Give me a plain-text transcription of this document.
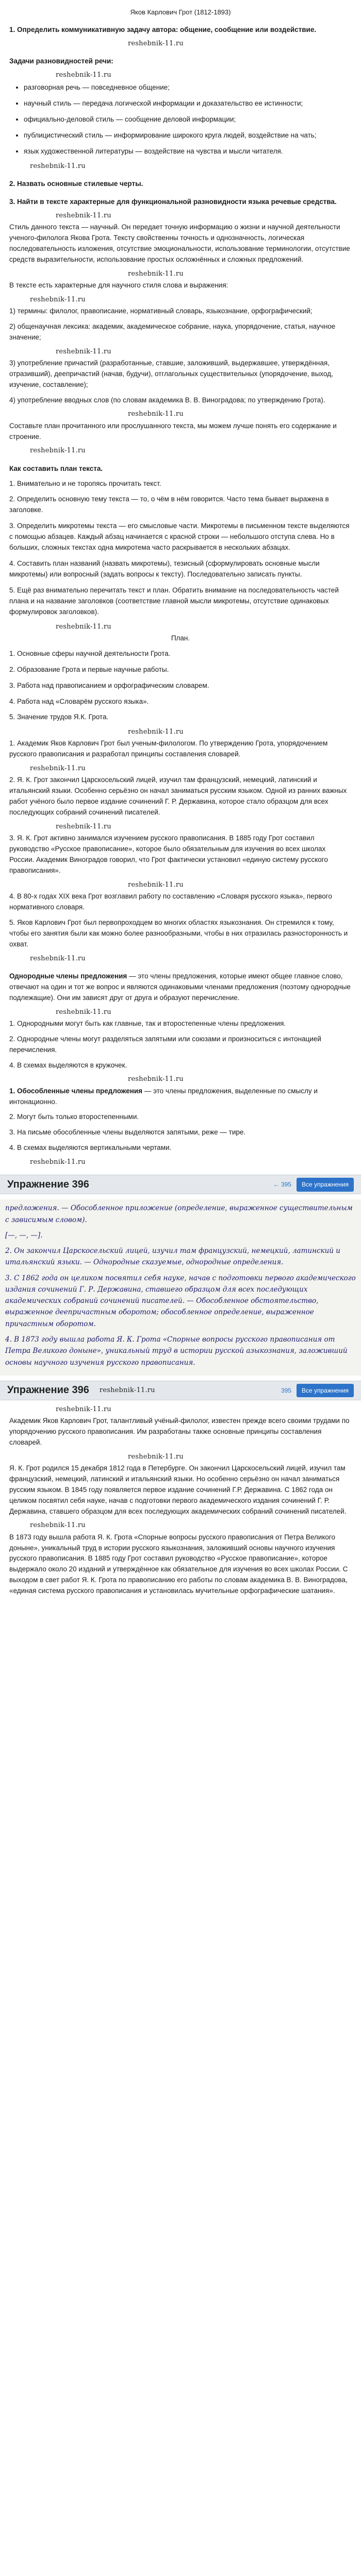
Яков Карлович Грот (1812-1893)
1. Определить коммуникативную задачу автора: общение, сообщение или воздействие.
reshebnik-11.ru
Задачи разновидностей речи:
reshebnik-11.ru
• разговорная речь — повседневное общение;
• научный стиль — передача логической информации и доказательство ее истинности;
• официально-деловой стиль — сообщение деловой информации;
• публицистический стиль — информирование широкого круга людей, воздействие на чать;
• язык художественной литературы — воздействие на чувства и мысли читателя.
reshebnik-11.ru
2. Назвать основные стилевые черты.
3. Найти в тексте характерные для функциональной разновидности языка речевые средства.
reshebnik-11.ru

Стиль данного текста — научный. Он передает точную информацию о жизни и научной деятельности ученого-филолога Якова Грота. Тексту свойственны точность и однозначность, логическая последовательность изложения, отсутствие эмоциональности, использование терминологии, отсутствие средств выразительности, использование простых осложнённых и сложных предложений.

reshebnik-11.ru

В тексте есть характерные для научного стиля слова и выражения:

reshebnik-11.ru

1) термины: филолог, правописание, нормативный словарь, языкознание, орфографический;

2) общенаучная лексика: академик, академическое собрание, наука, упорядочение, статья, научное значение;

reshebnik-11.ru

3) употребление причастий (разработанные, ставшие, заложивший, выдержавшее, утверждённая, отразивший), деепричастий (начав, будучи), отглагольных существительных (упорядочение, выход, изучение, составление);

4) употребление вводных слов (по словам академика В. В. Виноградова; по утверждению Грота).

reshebnik-11.ru

Составьте план прочитанного или прослушанного текста, мы можем лучше понять его содержание и строение.

reshebnik-11.ru
Как составить план текста.
1. Внимательно и не торопясь прочитать текст.
2. Определить основную тему текста — то, о чём в нём говорится. Часто тема бывает выражена в заголовке.
3. Определить микротемы текста — его смысловые части. Микротемы в письменном тексте выделяются с помощью абзацев. Каждый абзац начинается с красной строки — небольшого отступа слева. Но в больших, сложных текстах одна микротема часто раскрывается в нескольких абзацах.
4. Составить план названий (назвать микротемы), тезисный (сформулировать основные мысли микротемы) или вопросный (задать вопросы к тексту). Последовательно записать пункты.
5. Ещё раз внимательно перечитать текст и план. Обратить внимание на последовательность частей плана и на название заголовков (соответствие главной мысли микротемы, отсутствие одинаковых формулировок заголовков).
reshebnik-11.ru

План.

1. Основные сферы научной деятельности Грота.
2. Образование Грота и первые научные работы.
3. Работа над правописанием и орфографическим словарем.
4. Работа над «Словарём русского языка».
5. Значение трудов Я.К. Грота.
reshebnik-11.ru

1. Академик Яков Карлович Грот был ученым-филологом. По утверждению Грота, упорядочением русского правописания и разработал принципы составления словарей.

reshebnik-11.ru

2. Я. К. Грот закончил Царскосельский лицей, изучил там французский, немецкий, латинский и итальянский языки. Особенно серьёзно он начал заниматься русским языком. Одной из ранних важных работ учёного было первое издание сочинений Г. Р. Державина, которое стало образцом для всех последующих собраний сочинений писателей.

reshebnik-11.ru

3. Я. К. Грот активно занимался изучением русского правописания. В 1885 году Грот составил руководство «Русское правописание», которое было обязательным для изучения во всех школах России. Академик Виноградов говорил, что Грот фактически установил «единую систему русского правописания».

reshebnik-11.ru

4. В 80-х годах XIX века Грот возглавил работу по составлению «Словаря русского языка», первого нормативного словаря.

5. Яков Карлович Грот был первопроходцем во многих областях языкознания. Он стремился к тому, чтобы его занятия были как можно более разнообразными, чтобы в них отразилась разносторонность и охват.

reshebnik-11.ru

Однородные члены предложения — это члены предложения, которые имеют общее главное слово, отвечают на один и тот же вопрос и являются одинаковыми членами предложения (поэтому однородные подлежащие). Они им зависят друг от друга и образуют перечисление.

reshebnik-11.ru

1. Однородными могут быть как главные, так и второстепенные члены предложения.

2. Однородные члены могут разделяться запятыми или союзами и произноситься с интонацией перечисления.

4. В схемах выделяются в кружочек.

reshebnik-11.ru

1. Обособленные члены предложения — это члены предложения, выделенные по смыслу и интонационно.

2. Могут быть только второстепенными.

3. На письме обособленные члены выделяются запятыми, реже — тире.

4. В схемах выделяются вертикальными чертами.

reshebnik-11.ru
Упражнение 396	← 395	Все упражнения

предложения. — Обособленное приложение (определение, выраженное существительным с зависимым словом).

[—, —, —].

2. Он закончил Царскосельский лицей, изучил там французский, немецкий, латинский и итальянский языки. — Однородные сказуемые, однородные определения.

3. С 1862 года он целиком посвятил себя науке, начав с подготовки первого академического издания сочинений Г. Р. Державина, ставшего образцом для всех последующих академических собраний сочинений писателей. — Обособленное обстоятельство, выраженное деепричастным оборотом; обособленное определение, выраженное причастным оборотом.

4. В 1873 году вышла работа Я. К. Грота «Спорные вопросы русского правописания от Петра Великого доныне», уникальный труд в истории русской азыкознания, заложивший основы научного изучения русского правописания.

Упражнение 396 reshebnik-11.ru	395	Все упражнения
reshebnik-11.ru

Академик Яков Карлович Грот, талантливый учёный-филолог, известен прежде всего своими трудами по упорядочению русского правописания. Им разработаны также основные принципы составления словарей.

reshebnik-11.ru

Я. К. Грот родился 15 декабря 1812 года в Петербурге. Он закончил Царскосельский лицей, изучил там французский, немецкий, латинский и итальянский языки. Но особенно серьёзно он начал заниматься русским языком. В 1845 году появляется первое издание сочинений Г.Р. Державина. С 1862 года он целиком посвятил себя науке, начав с подготовки первого академического издания сочинений Г. Р. Державина, ставшего образцом для всех последующих академических собраний сочинений писателей.

reshebnik-11.ru

В 1873 году вышла работа Я. К. Грота «Спорные вопросы русского правописания от Петра Великого доныне», уникальный труд в истории русского языкознания, заложивший основы научного изучения русского правописания. В 1885 году Грот составил руководство «Русское правописание», которое выдержало около 20 изданий и утверждённое как обязательное для изучения во всех школах России. С выходом в свет работ Я. К. Грота по правописанию его работы по словам академика В. В. Виноградова, «единая система русского правописания и установилась мучительные орфографические шатания».
